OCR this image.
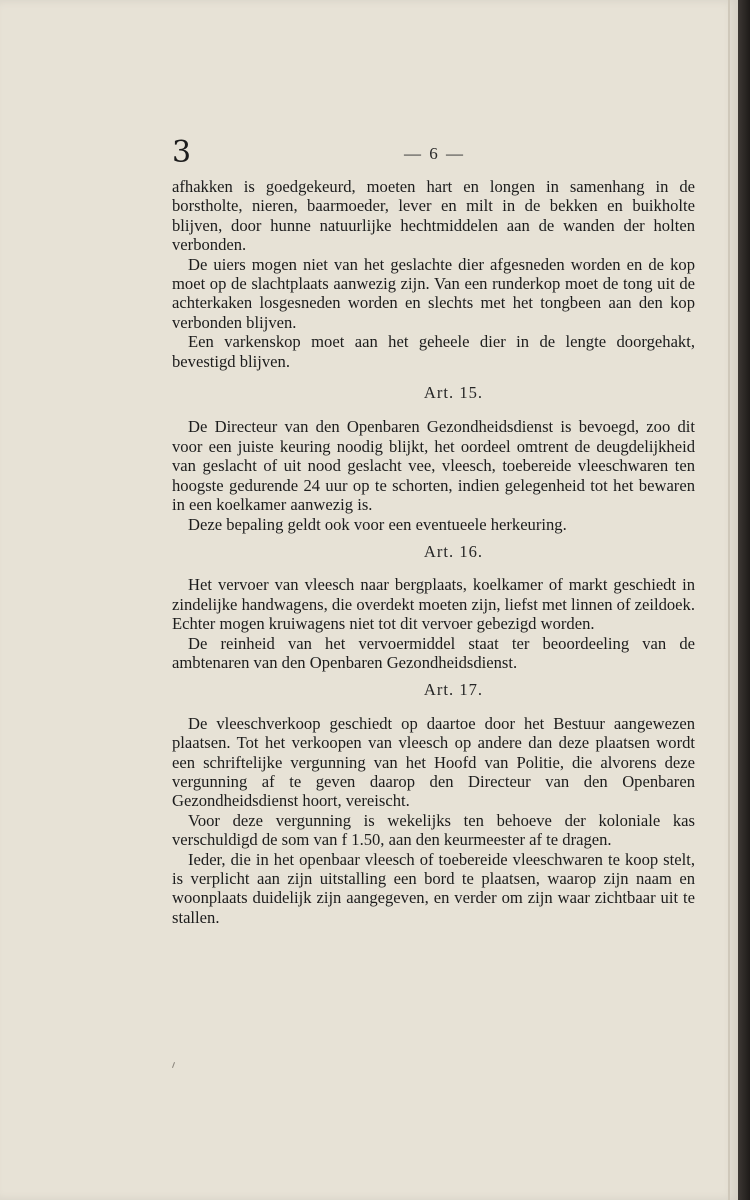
3	— 6 —

afhakken is goedgekeurd, moeten hart en longen in samenhang in de borstholte, nieren, baarmoeder, lever en milt in de bekken en buikholte blijven, door hunne natuurlijke hechtmiddelen aan de wanden der holten verbonden.

De uiers mogen niet van het geslachte dier afgesneden worden en de kop moet op de slachtplaats aanwezig zijn. Van een runderkop moet de tong uit de achterkaken losgesneden worden en slechts met het tongbeen aan den kop verbonden blijven.

Een varkenskop moet aan het geheele dier in de lengte doorgehakt, bevestigd blijven.

Art. 15.

De Directeur van den Openbaren Gezondheidsdienst is bevoegd, zoo dit voor een juiste keuring noodig blijkt, het oordeel omtrent de deugdelijkheid van geslacht of uit nood geslacht vee, vleesch, toebereide vleeschwaren ten hoogste gedurende 24 uur op te schorten, indien gelegenheid tot het bewaren in een koelkamer aanwezig is.

Deze bepaling geldt ook voor een eventueele herkeuring.

Art. 16.

Het vervoer van vleesch naar bergplaats, koelkamer of markt geschiedt in zindelijke handwagens, die overdekt moeten zijn, liefst met linnen of zeildoek. Echter mogen kruiwagens niet tot dit vervoer gebezigd worden.

De reinheid van het vervoermiddel staat ter beoordeeling van de ambtenaren van den Openbaren Gezondheidsdienst.

Art. 17.

De vleeschverkoop geschiedt op daartoe door het Bestuur aangewezen plaatsen. Tot het verkoopen van vleesch op andere dan deze plaatsen wordt een schriftelijke vergunning van het Hoofd van Politie, die alvorens deze vergunning af te geven daarop den Directeur van den Openbaren Gezondheidsdienst hoort, vereischt.

Voor deze vergunning is wekelijks ten behoeve der koloniale kas verschuldigd de som van f 1.50, aan den keurmeester af te dragen.

Ieder, die in het openbaar vleesch of toebereide vleeschwaren te koop stelt, is verplicht aan zijn uitstalling een bord te plaatsen, waarop zijn naam en woonplaats duidelijk zijn aangegeven, en verder om zijn waar zichtbaar uit te stallen.
